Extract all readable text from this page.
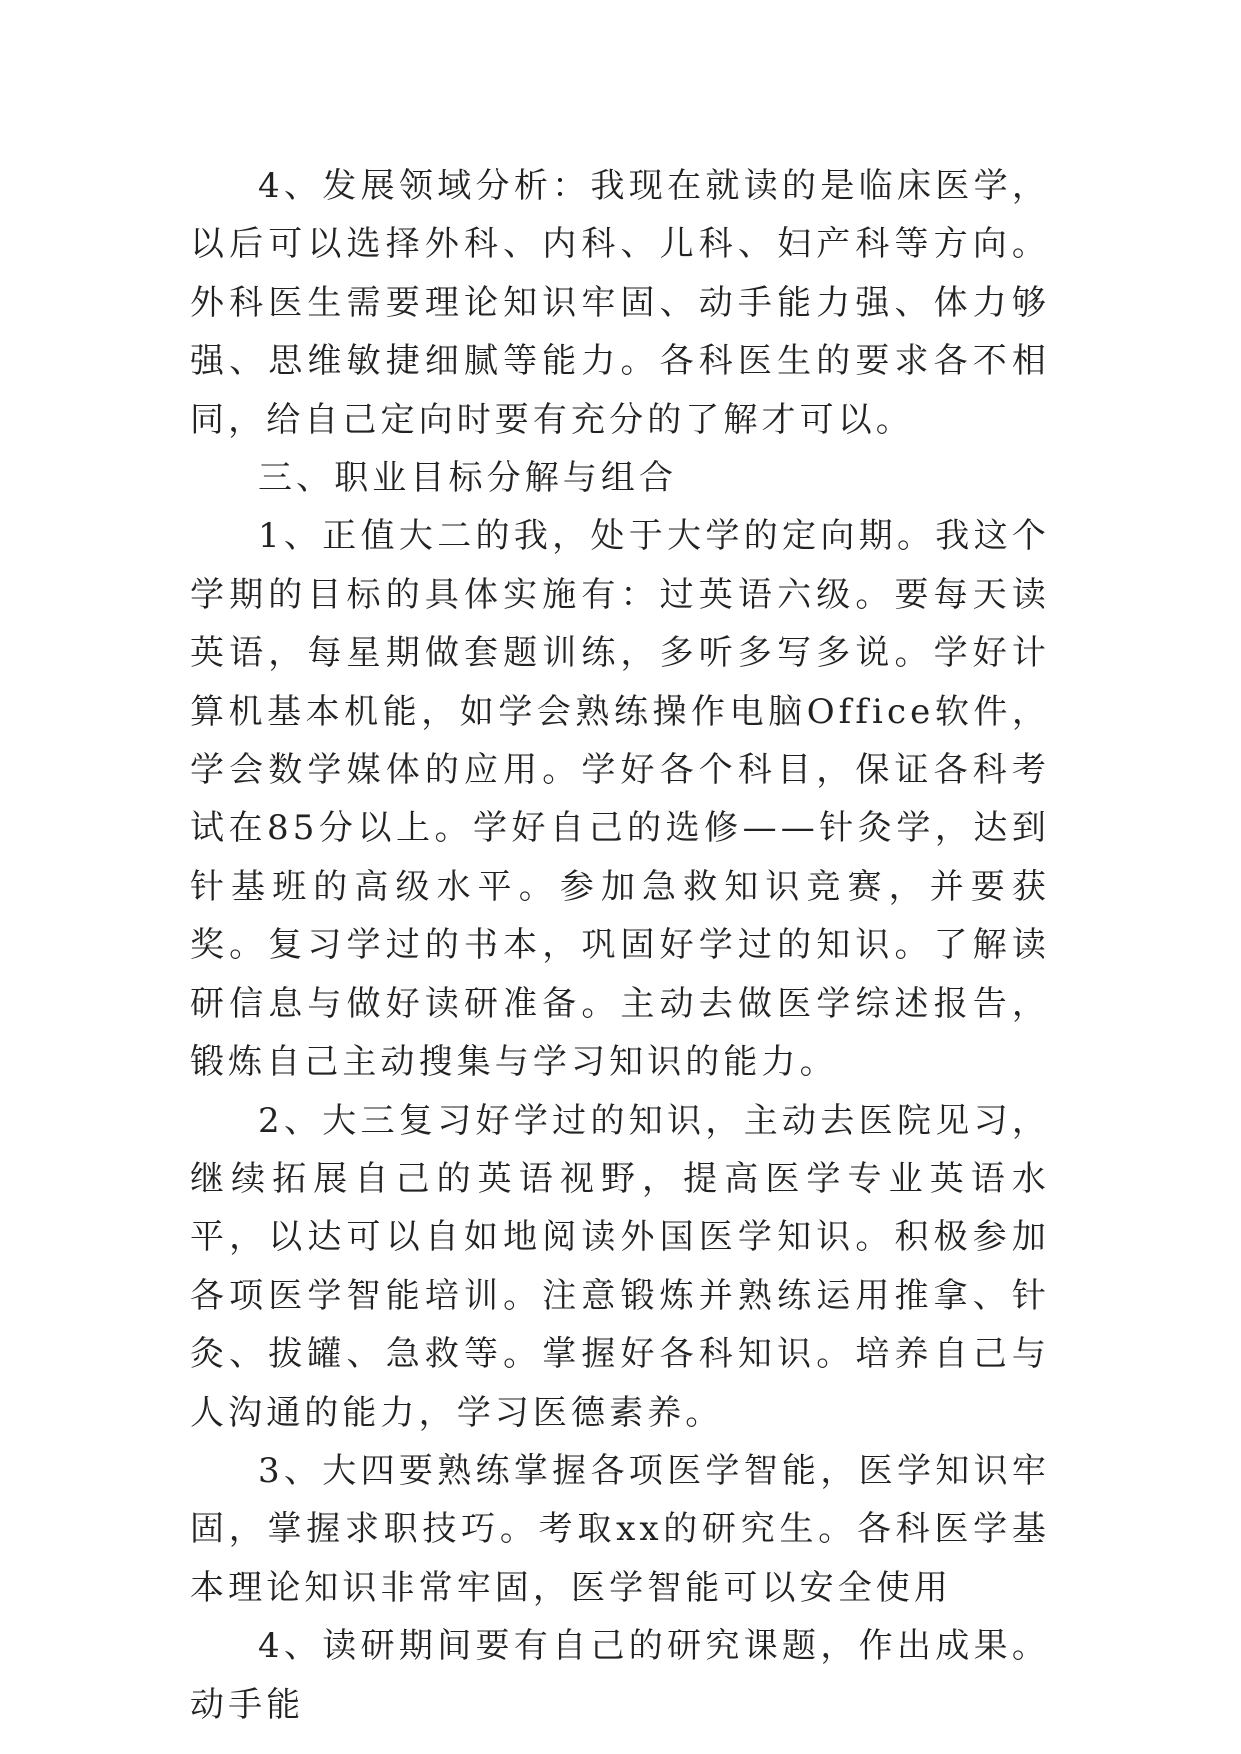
4、发展领域分析：我现在就读的是临床医学，以后可以选择外科、内科、儿科、妇产科等方向。外科医生需要理论知识牢固、动手能力强、体力够强、思维敏捷细腻等能力。各科医生的要求各不相同，给自己定向时要有充分的了解才可以。

三、职业目标分解与组合

1、正值大二的我，处于大学的定向期。我这个学期的目标的具体实施有：过英语六级。要每天读英语，每星期做套题训练，多听多写多说。学好计算机基本机能，如学会熟练操作电脑Office软件，学会数学媒体的应用。学好各个科目，保证各科考试在85分以上。学好自己的选修——针灸学，达到针基班的高级水平。参加急救知识竞赛，并要获奖。复习学过的书本，巩固好学过的知识。了解读研信息与做好读研准备。主动去做医学综述报告，锻炼自己主动搜集与学习知识的能力。

2、大三复习好学过的知识，主动去医院见习，继续拓展自己的英语视野，提高医学专业英语水平，以达可以自如地阅读外国医学知识。积极参加各项医学智能培训。注意锻炼并熟练运用推拿、针灸、拔罐、急救等。掌握好各科知识。培养自己与人沟通的能力，学习医德素养。

3、大四要熟练掌握各项医学智能，医学知识牢固，掌握求职技巧。考取xx的研究生。各科医学基本理论知识非常牢固，医学智能可以安全使用

4、读研期间要有自己的研究课题，作出成果。动手能
